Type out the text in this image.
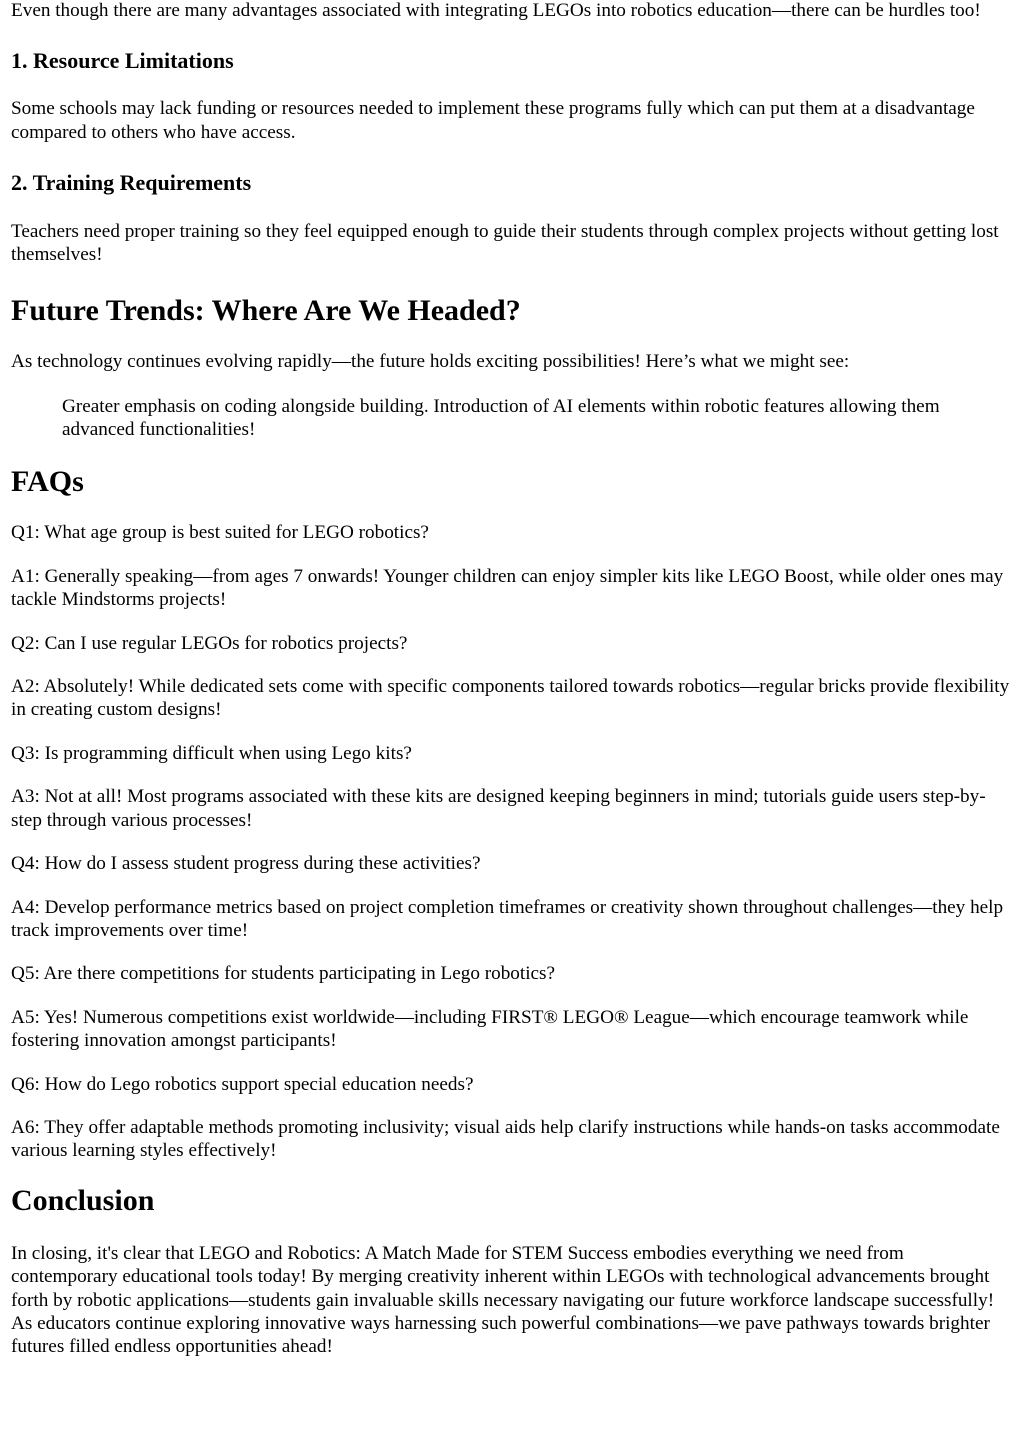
Even though there are many advantages associated with integrating LEGOs into robotics education—there can be hurdles too!

1. Resource Limitations

Some schools may lack funding or resources needed to implement these programs fully which can put them at a disadvantage compared to others who have access.

2. Training Requirements

Teachers need proper training so they feel equipped enough to guide their students through complex projects without getting lost themselves!

Future Trends: Where Are We Headed?

As technology continues evolving rapidly—the future holds exciting possibilities! Here’s what we might see:

Greater emphasis on coding alongside building. Introduction of AI elements within robotic features allowing them advanced functionalities!
FAQs

Q1: What age group is best suited for LEGO robotics?

A1: Generally speaking—from ages 7 onwards! Younger children can enjoy simpler kits like LEGO Boost, while older ones may tackle Mindstorms projects!

Q2: Can I use regular LEGOs for robotics projects?

A2: Absolutely! While dedicated sets come with specific components tailored towards robotics—regular bricks provide flexibility in creating custom designs!

Q3: Is programming difficult when using Lego kits?

A3: Not at all! Most programs associated with these kits are designed keeping beginners in mind; tutorials guide users step-by-step through various processes!

Q4: How do I assess student progress during these activities?

A4: Develop performance metrics based on project completion timeframes or creativity shown throughout challenges—they help track improvements over time!

Q5: Are there competitions for students participating in Lego robotics?

A5: Yes! Numerous competitions exist worldwide—including FIRST® LEGO® League—which encourage teamwork while fostering innovation amongst participants!

Q6: How do Lego robotics support special education needs?

A6: They offer adaptable methods promoting inclusivity; visual aids help clarify instructions while hands-on tasks accommodate various learning styles effectively!

Conclusion

In closing, it's clear that LEGO and Robotics: A Match Made for STEM Success embodies everything we need from contemporary educational tools today! By merging creativity inherent within LEGOs with technological advancements brought forth by robotic applications—students gain invaluable skills necessary navigating our future workforce landscape successfully! As educators continue exploring innovative ways harnessing such powerful combinations—we pave pathways towards brighter futures filled endless opportunities ahead!
